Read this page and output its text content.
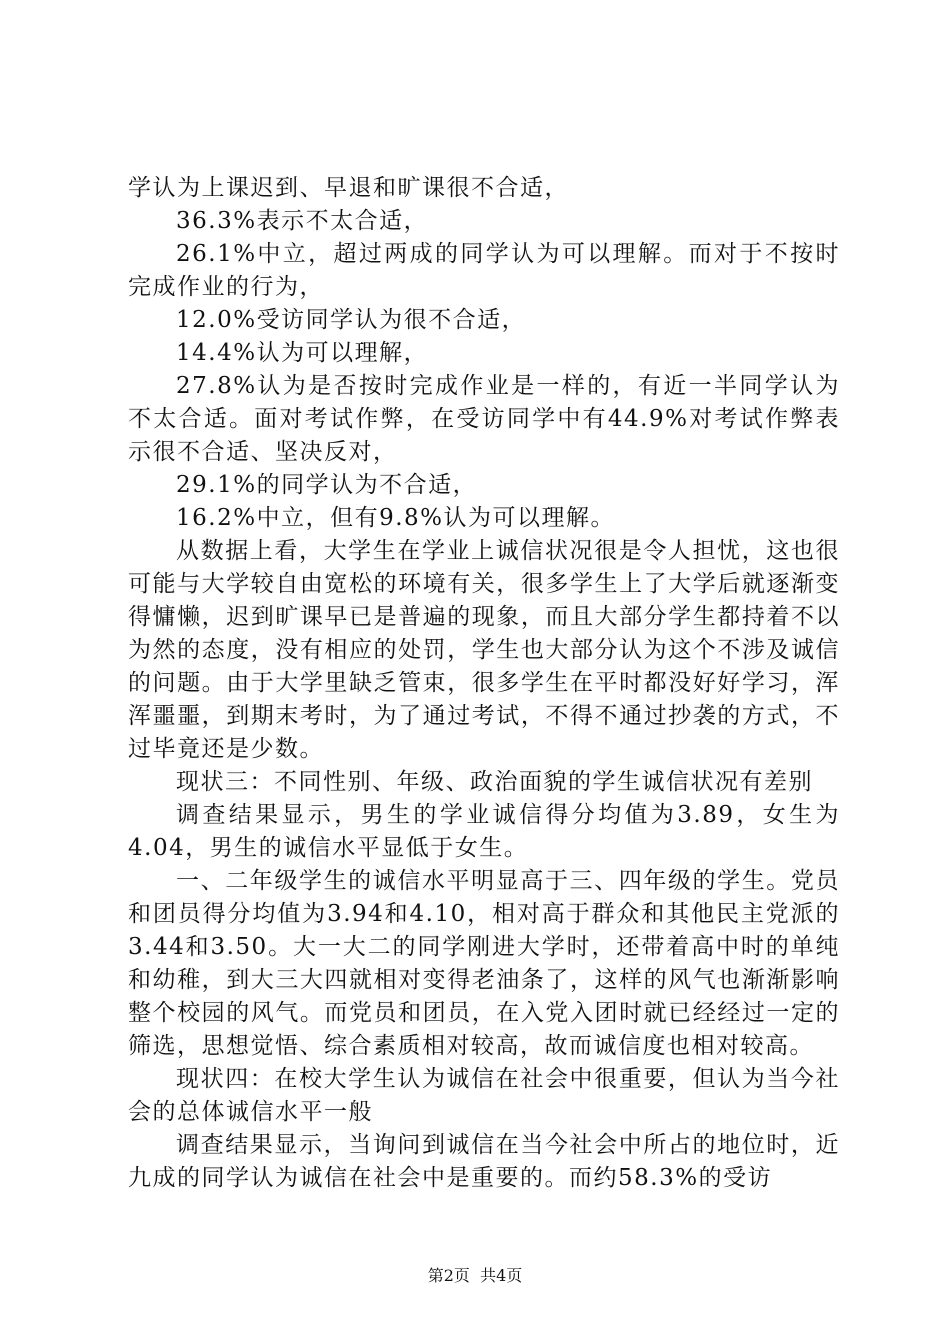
学认为上课迟到、早退和旷课很不合适，

36.3%表示不太合适，

26.1%中立，超过两成的同学认为可以理解。而对于不按时完成作业的行为，

12.0%受访同学认为很不合适，

14.4%认为可以理解，

27.8%认为是否按时完成作业是一样的，有近一半同学认为不太合适。面对考试作弊，在受访同学中有44.9%对考试作弊表示很不合适、坚决反对，

29.1%的同学认为不合适，

16.2%中立，但有9.8%认为可以理解。

从数据上看，大学生在学业上诚信状况很是令人担忧，这也很可能与大学较自由宽松的环境有关，很多学生上了大学后就逐渐变得慵懒，迟到旷课早已是普遍的现象，而且大部分学生都持着不以为然的态度，没有相应的处罚，学生也大部分认为这个不涉及诚信的问题。由于大学里缺乏管束，很多学生在平时都没好好学习，浑浑噩噩，到期末考时，为了通过考试，不得不通过抄袭的方式，不过毕竟还是少数。

现状三：不同性别、年级、政治面貌的学生诚信状况有差别

调查结果显示，男生的学业诚信得分均值为3.89，女生为4.04，男生的诚信水平显低于女生。

一、二年级学生的诚信水平明显高于三、四年级的学生。党员和团员得分均值为3.94和4.10，相对高于群众和其他民主党派的3.44和3.50。大一大二的同学刚进大学时，还带着高中时的单纯和幼稚，到大三大四就相对变得老油条了，这样的风气也渐渐影响整个校园的风气。而党员和团员，在入党入团时就已经经过一定的筛选，思想觉悟、综合素质相对较高，故而诚信度也相对较高。

现状四：在校大学生认为诚信在社会中很重要，但认为当今社会的总体诚信水平一般

调查结果显示，当询问到诚信在当今社会中所占的地位时，近九成的同学认为诚信在社会中是重要的。而约58.3%的受访

第2页  共4页
